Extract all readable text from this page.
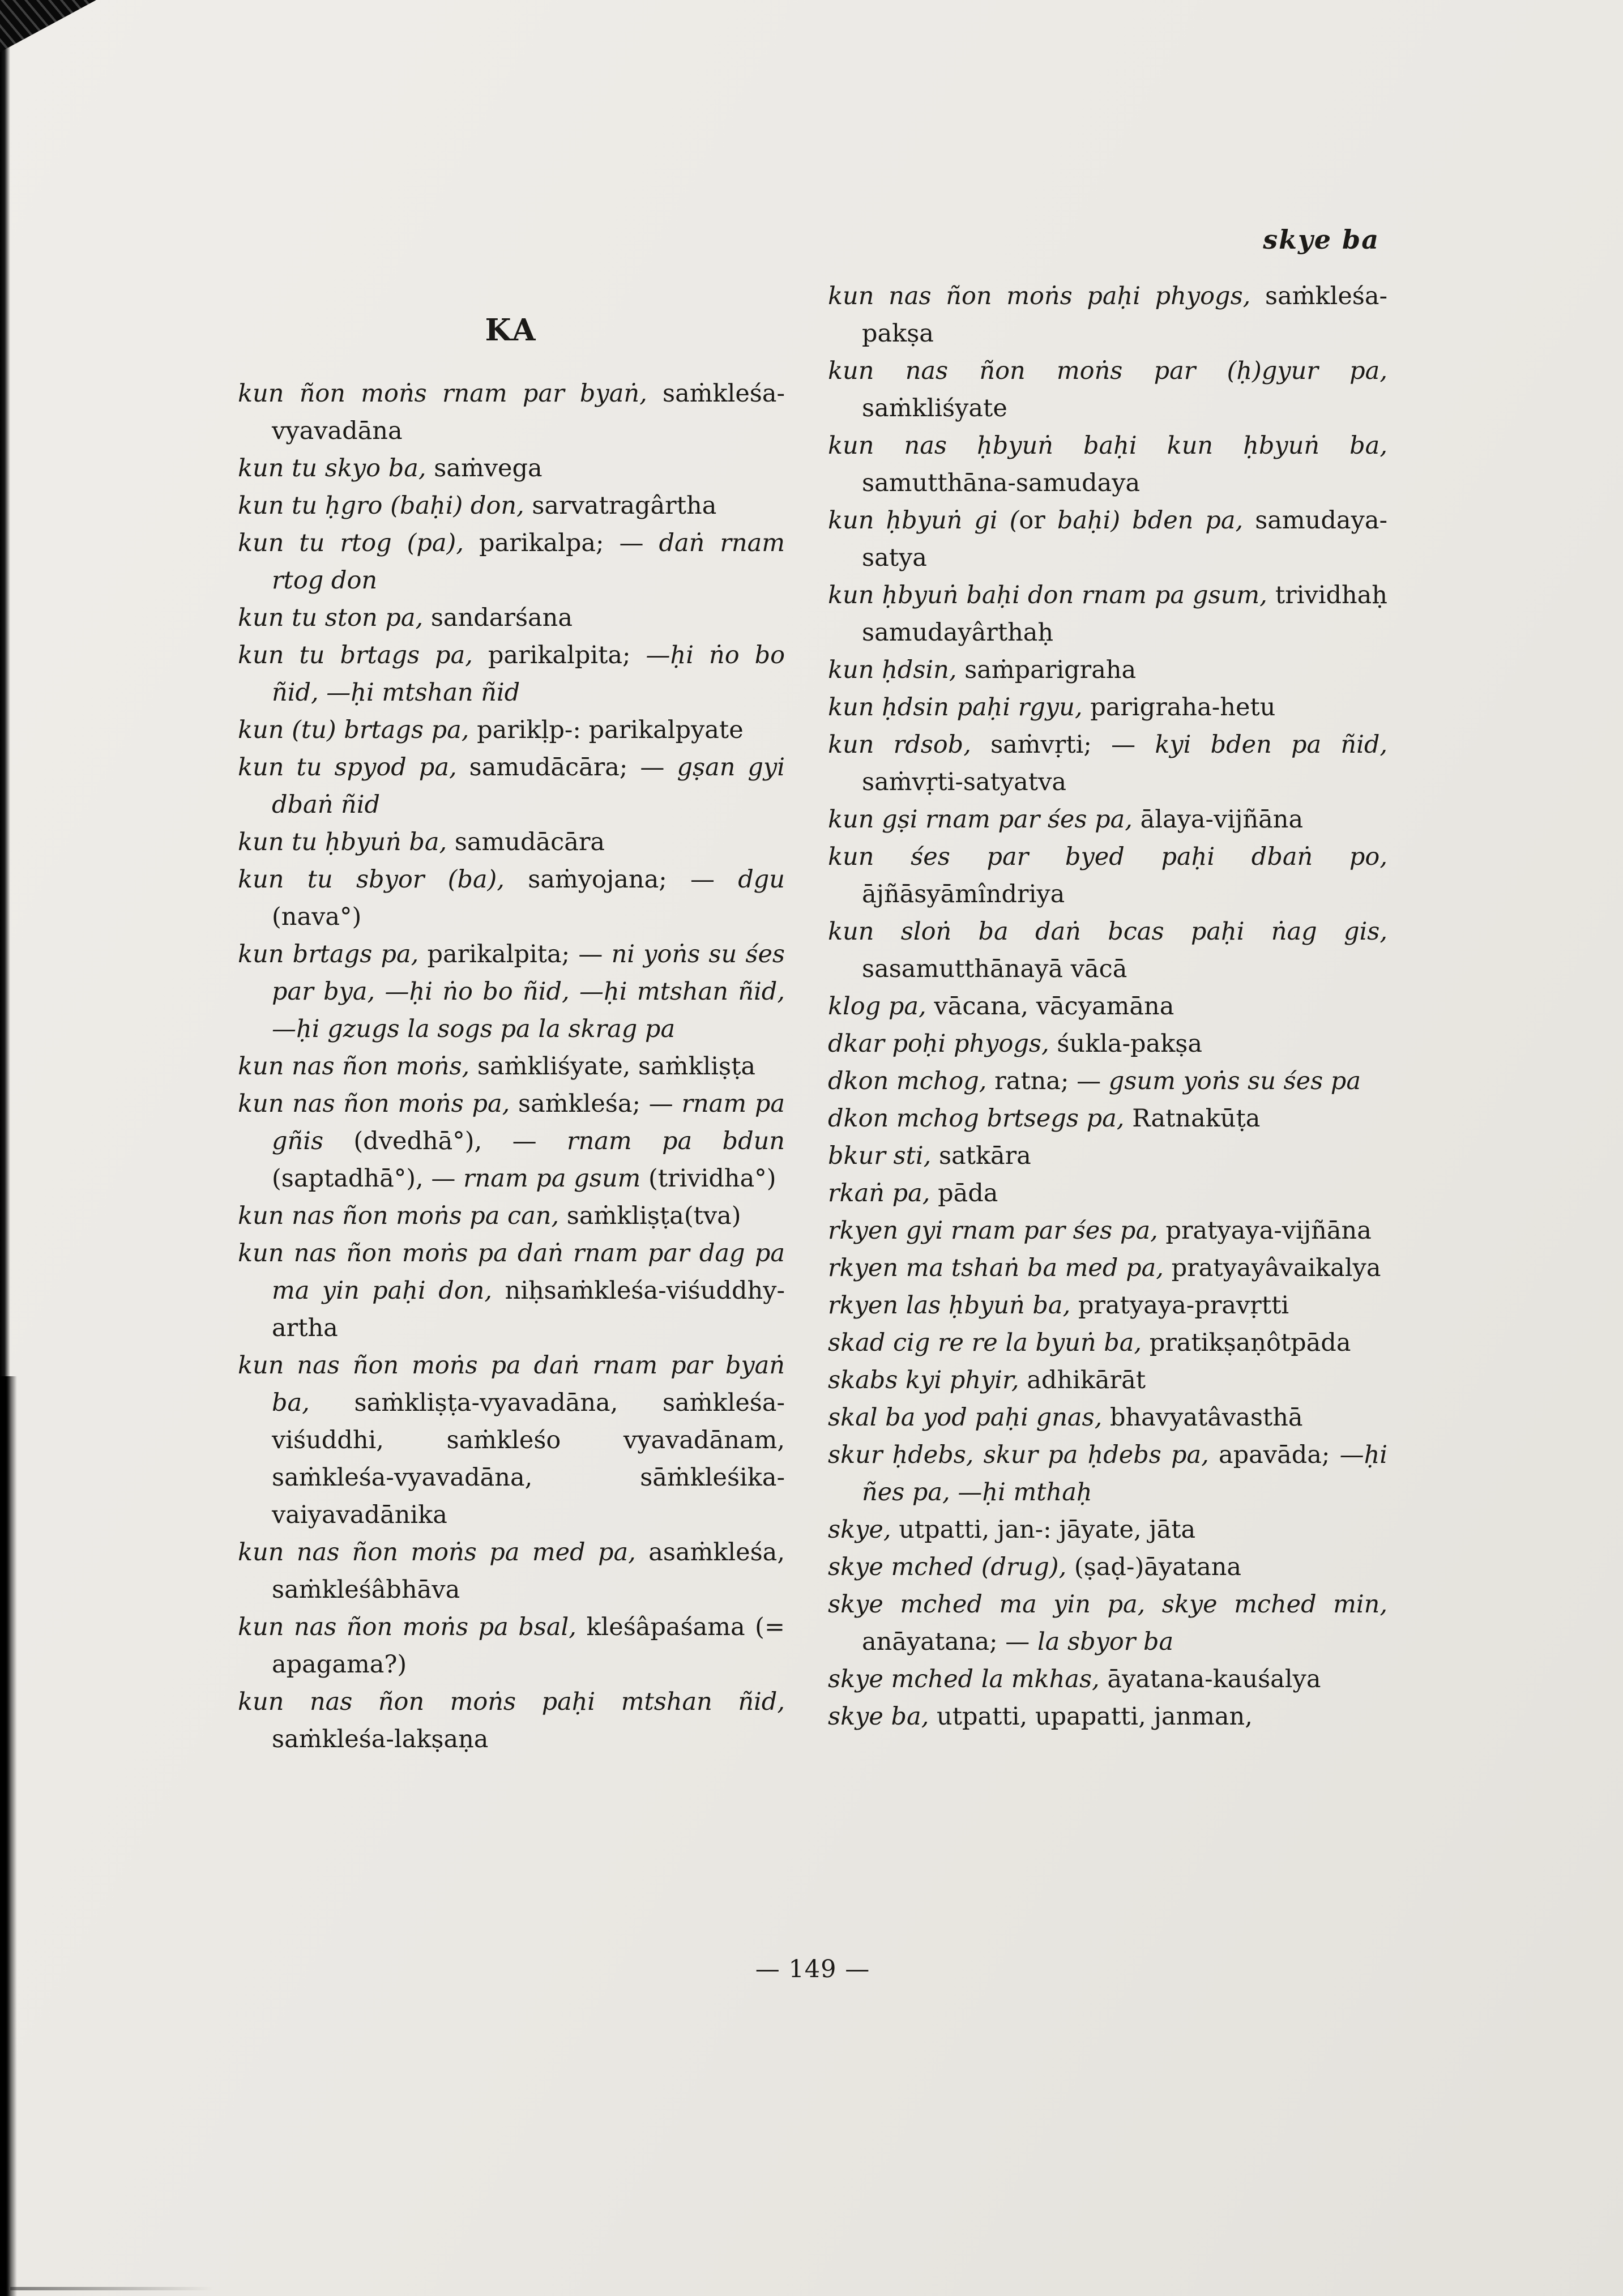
skye ba
KA

kun ñon moṅs rnam par byaṅ, saṁkleśa-vyavadāna

kun tu skyo ba, saṁvega

kun tu ḥgro (baḥi) don, sarvatragârtha

kun tu rtog (pa), parikalpa; — daṅ rnam rtog don

kun tu ston pa, sandarśana

kun tu brtags pa, parikalpita; —ḥi ṅo bo ñid, —ḥi mtshan ñid

kun (tu) brtags pa, parikḷp-: parikalpyate

kun tu spyod pa, samudācāra; — gṣan gyi dbaṅ ñid

kun tu ḥbyuṅ ba, samudācāra

kun tu sbyor (ba), saṁyojana; — dgu (nava°)

kun brtags pa, parikalpita; — ni yoṅs su śes par bya, —ḥi ṅo bo ñid, —ḥi mtshan ñid, —ḥi gzugs la sogs pa la skrag pa

kun nas ñon moṅs, saṁkliśyate, saṁkliṣṭa

kun nas ñon moṅs pa, saṁkleśa; — rnam pa gñis (dvedhā°), — rnam pa bdun (saptadhā°), — rnam pa gsum (trividha°)

kun nas ñon moṅs pa can, saṁkliṣṭa(tva)

kun nas ñon moṅs pa daṅ rnam par dag pa ma yin paḥi don, niḥsaṁkleśa-viśuddhy-artha

kun nas ñon moṅs pa daṅ rnam par byaṅ ba, saṁkliṣṭa-vyavadāna, saṁkleśa-viśuddhi, saṁkleśo vyavadānam, saṁkleśa-vyavadāna, sāṁkleśika-vaiyavadānika

kun nas ñon moṅs pa med pa, asaṁkleśa, saṁkleśâbhāva

kun nas ñon moṅs pa bsal, kleśâpaśama (= apagama?)

kun nas ñon moṅs paḥi mtshan ñid, saṁkleśa-lakṣaṇa

kun nas ñon moṅs paḥi phyogs, saṁkleśa-pakṣa

kun nas ñon moṅs par (ḥ)gyur pa, saṁkliśyate

kun nas ḥbyuṅ baḥi kun ḥbyuṅ ba, samutthāna-samudaya

kun ḥbyuṅ gi (or baḥi) bden pa, samudaya-satya

kun ḥbyuṅ baḥi don rnam pa gsum, trividhaḥ samudayârthaḥ

kun ḥdsin, saṁparigraha

kun ḥdsin paḥi rgyu, parigraha-hetu

kun rdsob, saṁvṛti; — kyi bden pa ñid, saṁvṛti-satyatva

kun gṣi rnam par śes pa, ālaya-vijñāna

kun śes par byed paḥi dbaṅ po, ājñāsyāmîndriya

kun sloṅ ba daṅ bcas paḥi ṅag gis, sasamutthānayā vācā

klog pa, vācana, vācyamāna

dkar poḥi phyogs, śukla-pakṣa

dkon mchog, ratna; — gsum yoṅs su śes pa

dkon mchog brtsegs pa, Ratnakūṭa

bkur sti, satkāra

rkaṅ pa, pāda

rkyen gyi rnam par śes pa, pratyaya-vijñāna

rkyen ma tshaṅ ba med pa, pratyayâvaikalya

rkyen las ḥbyuṅ ba, pratyaya-pravṛtti

skad cig re re la byuṅ ba, pratikṣaṇôtpāda

skabs kyi phyir, adhikārāt

skal ba yod paḥi gnas, bhavyatâvasthā

skur ḥdebs, skur pa ḥdebs pa, apavāda; —ḥi ñes pa, —ḥi mthaḥ

skye, utpatti, jan-: jāyate, jāta

skye mched (drug), (ṣaḍ-)āyatana

skye mched ma yin pa, skye mched min, anāyatana; — la sbyor ba

skye mched la mkhas, āyatana-kauśalya

skye ba, utpatti, upapatti, janman,

— 149 —
